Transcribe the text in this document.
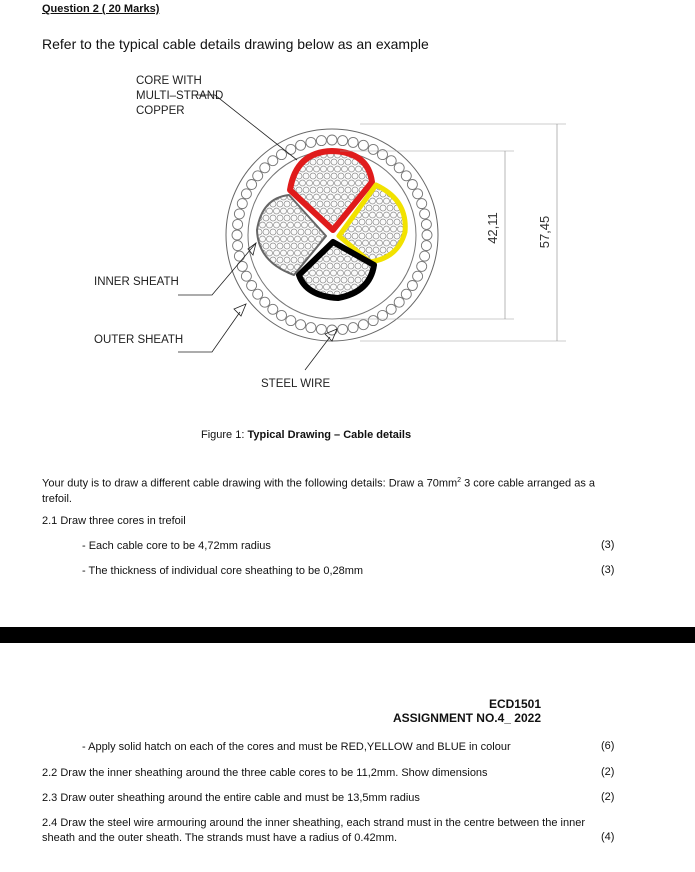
Question 2 ( 20 Marks)
Refer to the typical cable details drawing below as an example
42,11	57,45
CORE WITH
MULTI–STRAND
COPPER
INNER SHEATH
OUTER SHEATH
STEEL WIRE
Figure 1: Typical Drawing – Cable details
Your duty is to draw a different cable drawing with the following details: Draw a $70mm^2$ 3 core cable arranged as a trefoil.
2.1 Draw three cores in trefoil
- Each cable core to be 4,72mm radius	(3)
- The thickness of individual core sheathing to be 0,28mm	(3)
ECD1501
ASSIGNMENT NO.4_ 2022
- Apply solid hatch on each of the cores and must be RED,YELLOW and BLUE in colour	(6)
2.2 Draw the inner sheathing around the three cable cores to be 11,2mm. Show dimensions	(2)
2.3 Draw outer sheathing around the entire cable and must be 13,5mm radius	(2)
2.4 Draw the steel wire armouring around the inner sheathing, each strand must in the centre between the inner sheath and the outer sheath. The strands must have a radius of 0.42mm.	(4)
